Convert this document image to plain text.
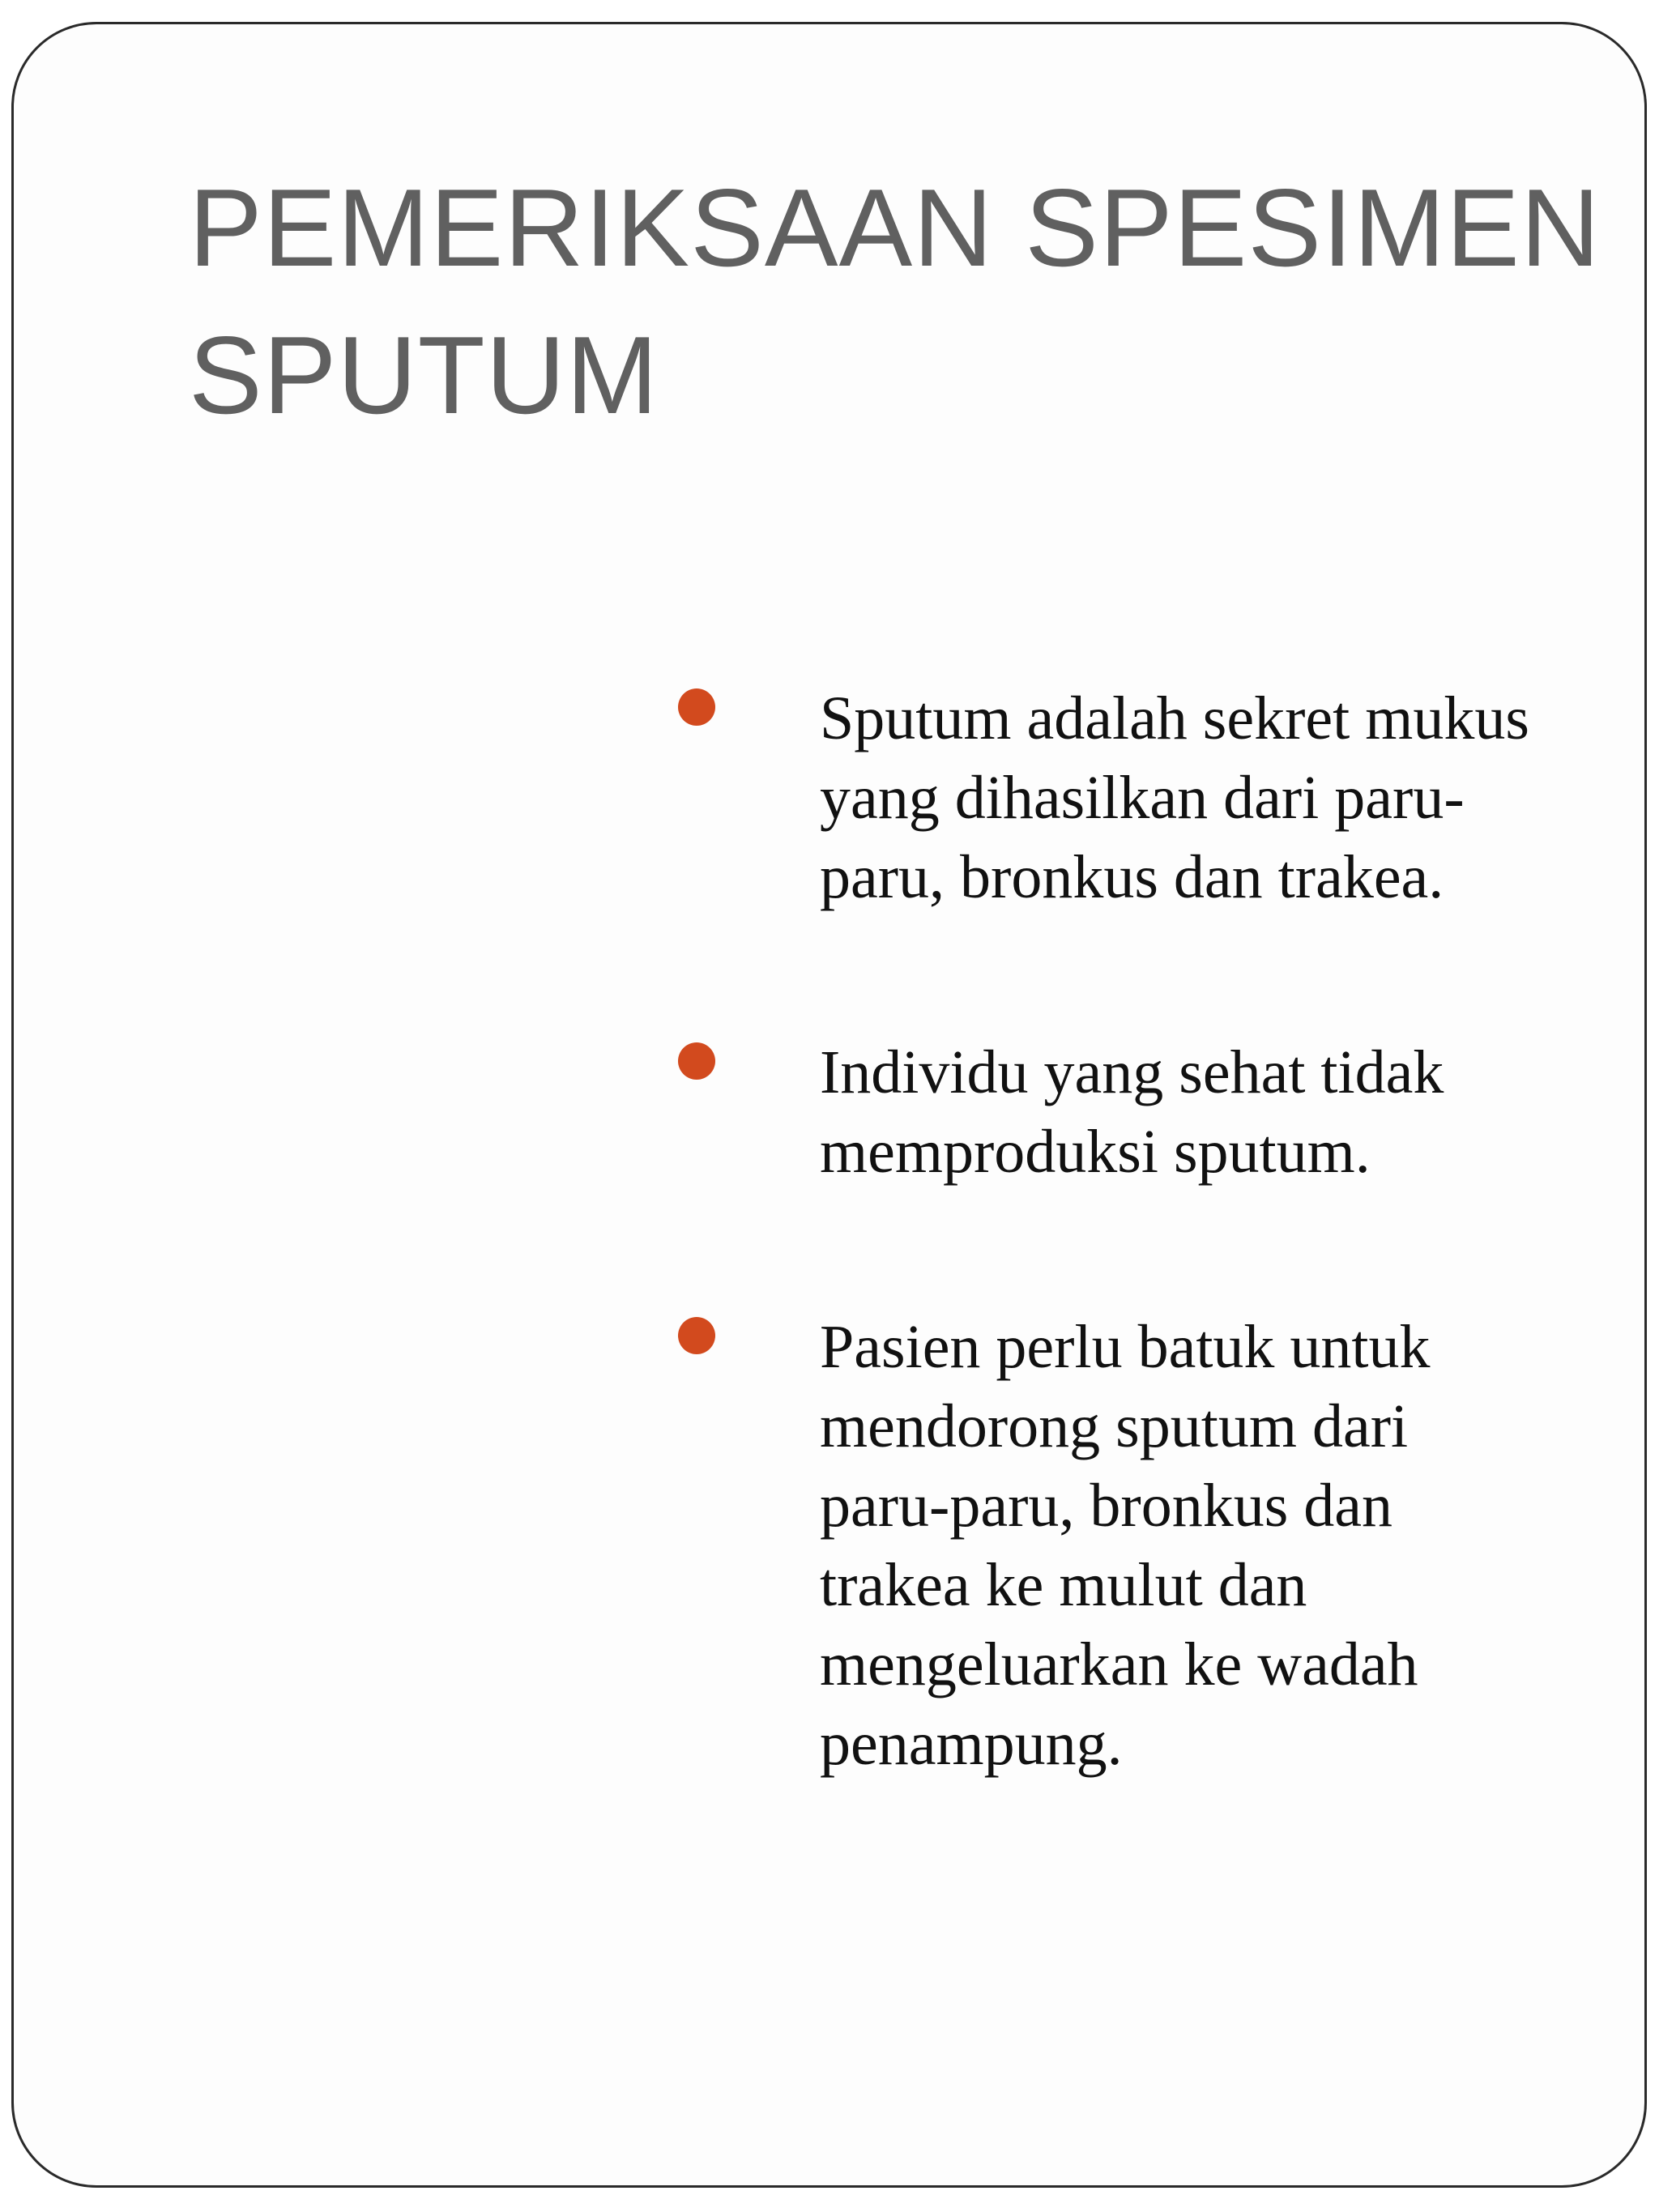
PEMERIKSAAN SPESIMEN
SPUTUM
Sputum adalah sekret mukus
yang dihasilkan dari paru-
paru, bronkus dan trakea.
Individu yang sehat tidak
memproduksi sputum.
Pasien perlu batuk untuk
mendorong sputum dari
paru-paru, bronkus dan
trakea ke mulut dan
mengeluarkan ke wadah
penampung.
